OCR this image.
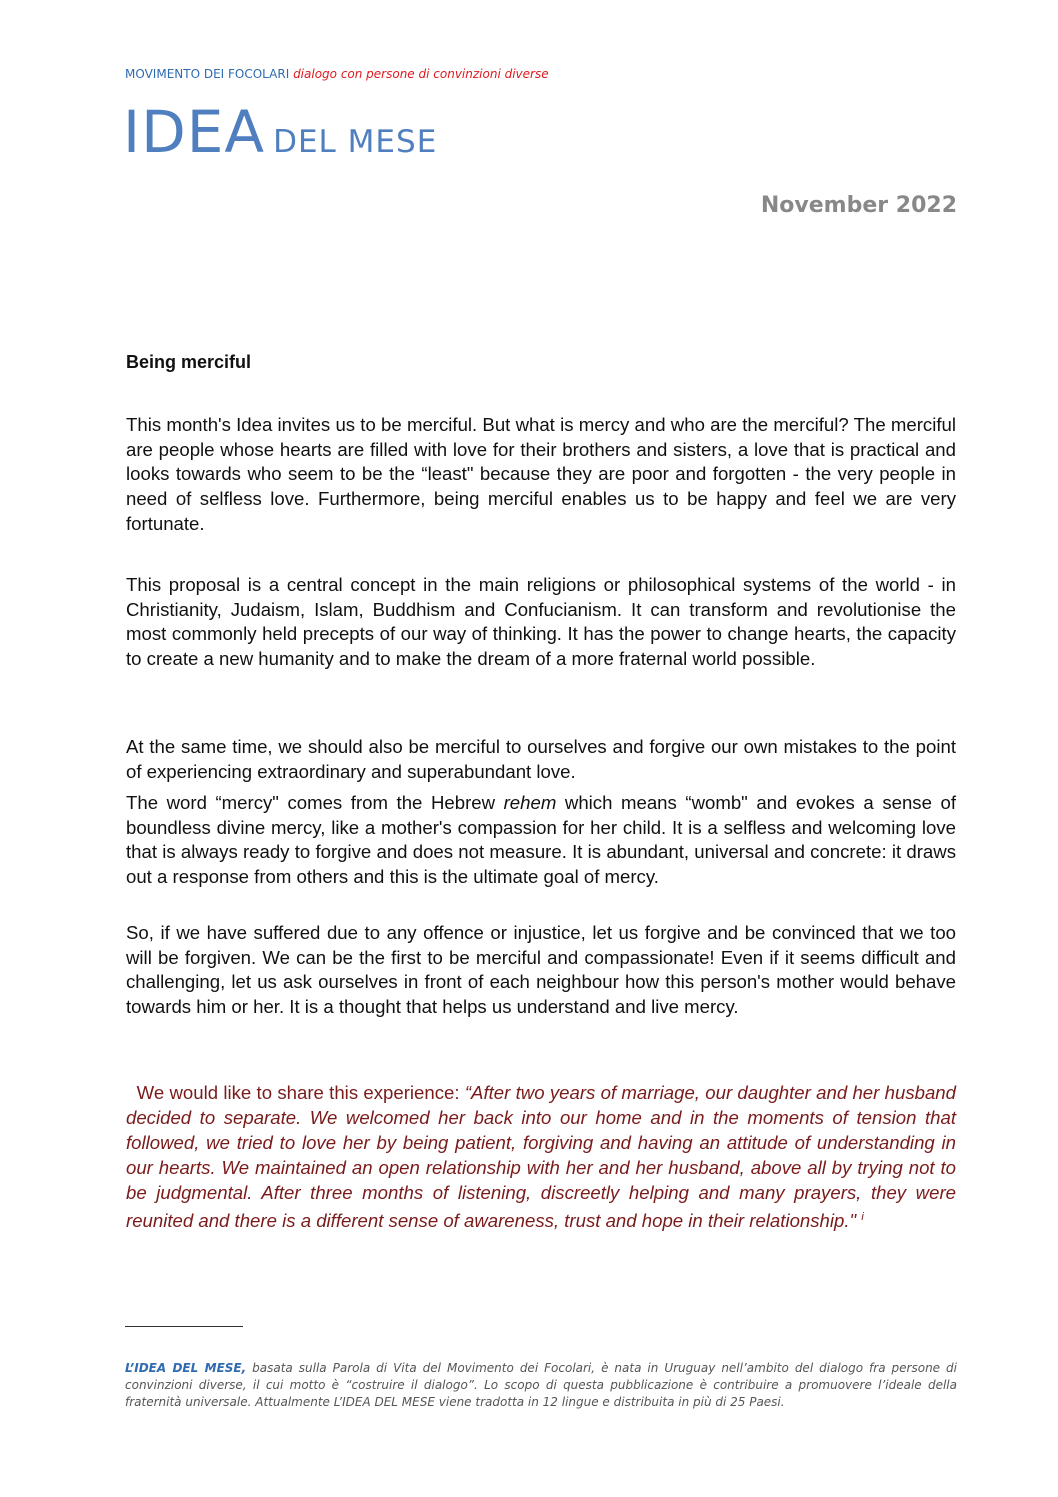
MOVIMENTO DEI FOCOLARI dialogo con persone di convinzioni diverse
IDEA DEL MESE
November 2022
Being merciful

This month's Idea invites us to be merciful. But what is mercy and who are the merciful? The merciful are people whose hearts are filled with love for their brothers and sisters, a love that is practical and looks towards who seem to be the “least" because they are poor and forgotten - the very people in need of selfless love. Furthermore, being merciful enables us to be happy and feel we are very fortunate.

This proposal is a central concept in the main religions or philosophical systems of the world - in Christianity, Judaism, Islam, Buddhism and Confucianism. It can transform and revolutionise the most commonly held precepts of our way of thinking. It has the power to change hearts, the capacity to create a new humanity and to make the dream of a more fraternal world possible.

At the same time, we should also be merciful to ourselves and forgive our own mistakes to the point of experiencing extraordinary and superabundant love.

The word “mercy" comes from the Hebrew rehem which means “womb" and evokes a sense of boundless divine mercy, like a mother's compassion for her child. It is a selfless and welcoming love that is always ready to forgive and does not measure. It is abundant, universal and concrete: it draws out a response from others and this is the ultimate goal of mercy.

So, if we have suffered due to any offence or injustice, let us forgive and be convinced that we too will be forgiven. We can be the first to be merciful and compassionate! Even if it seems difficult and challenging, let us ask ourselves in front of each neighbour how this person's mother would behave towards him or her. It is a thought that helps us understand and live mercy.

We would like to share this experience: “After two years of marriage, our daughter and her husband decided to separate. We welcomed her back into our home and in the moments of tension that followed, we tried to love her by being patient, forgiving and having an attitude of understanding in our hearts. We maintained an open relationship with her and her husband, above all by trying not to be judgmental. After three months of listening, discreetly helping and many prayers, they were reunited and there is a different sense of awareness, trust and hope in their relationship." $^i$

L’IDEA DEL MESE, basata sulla Parola di Vita del Movimento dei Focolari, è nata in Uruguay nell’ambito del dialogo fra persone di convinzioni diverse, il cui motto è “costruire il dialogo”. Lo scopo di questa pubblicazione è contribuire a promuovere l’ideale della fraternità universale. Attualmente L’IDEA DEL MESE viene tradotta in 12 lingue e distribuita in più di 25 Paesi.
